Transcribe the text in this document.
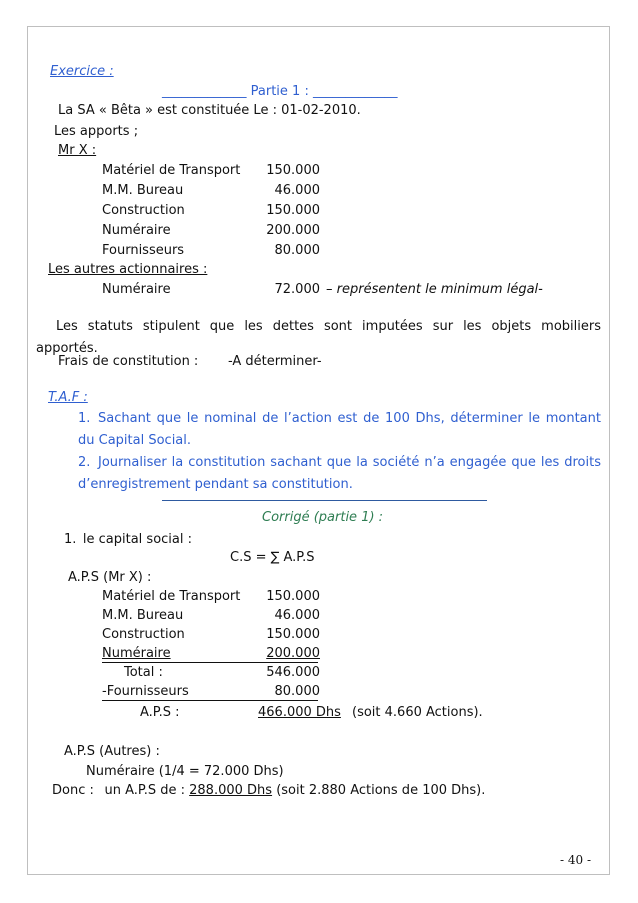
Exercice :
_____________ Partie 1 : _____________
La SA « Bêta » est constituée Le : 01-02-2010.
Les apports ;
Mr X :
Matériel de Transport	150.000
M.M. Bureau	46.000
Construction	150.000
Numéraire	200.000
Fournisseurs	80.000
Les autres actionnaires :
Numéraire	72.000 – représentent le minimum légal-
Les statuts stipulent que les dettes sont imputées sur les objets mobiliers apportés.
Frais de constitution : -A déterminer-
T.A.F :
1. Sachant que le nominal de l’action est de 100 Dhs, déterminer le montant du Capital Social.
2. Journaliser la constitution sachant que la société n’a engagée que les droits d’enregistrement pendant sa constitution.
Corrigé (partie 1) :
1. le capital social :
C.S = ∑ A.P.S
A.P.S (Mr X) :
Matériel de Transport	150.000
M.M. Bureau	46.000
Construction	150.000
Numéraire	200.000
Total :	546.000
-Fournisseurs	80.000
A.P.S :	466.000 Dhs (soit 4.660 Actions).
A.P.S (Autres) :
Numéraire (1/4 = 72.000 Dhs)
Donc :  un A.P.S de : 288.000 Dhs (soit 2.880 Actions de 100 Dhs).
- 40 -
